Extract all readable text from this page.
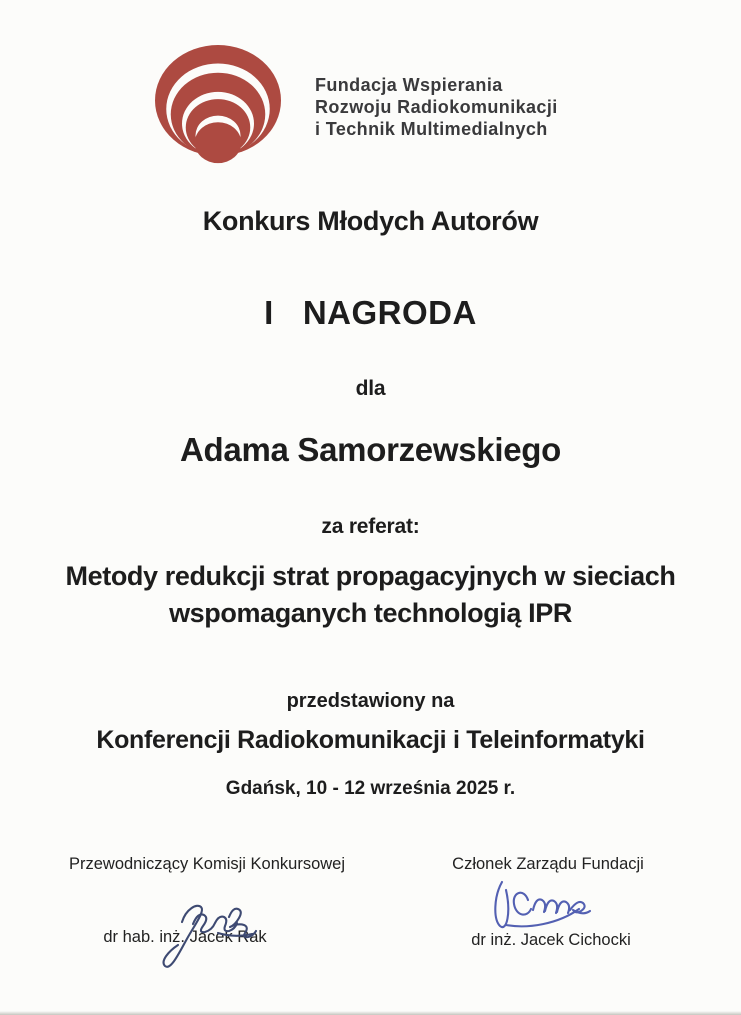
Fundacja Wspierania
Rozwoju Radiokomunikacji
i Technik Multimedialnych
Konkurs Młodych Autorów
I   NAGRODA
dla
Adama Samorzewskiego
za referat:
Metody redukcji strat propagacyjnych w sieciach
wspomaganych technologią IPR
przedstawiony na
Konferencji Radiokomunikacji i Teleinformatyki
Gdańsk, 10 - 12 września 2025 r.
Przewodniczący Komisji Konkursowej
dr hab. inż. Jacek Rak
Członek Zarządu Fundacji
dr inż. Jacek Cichocki
